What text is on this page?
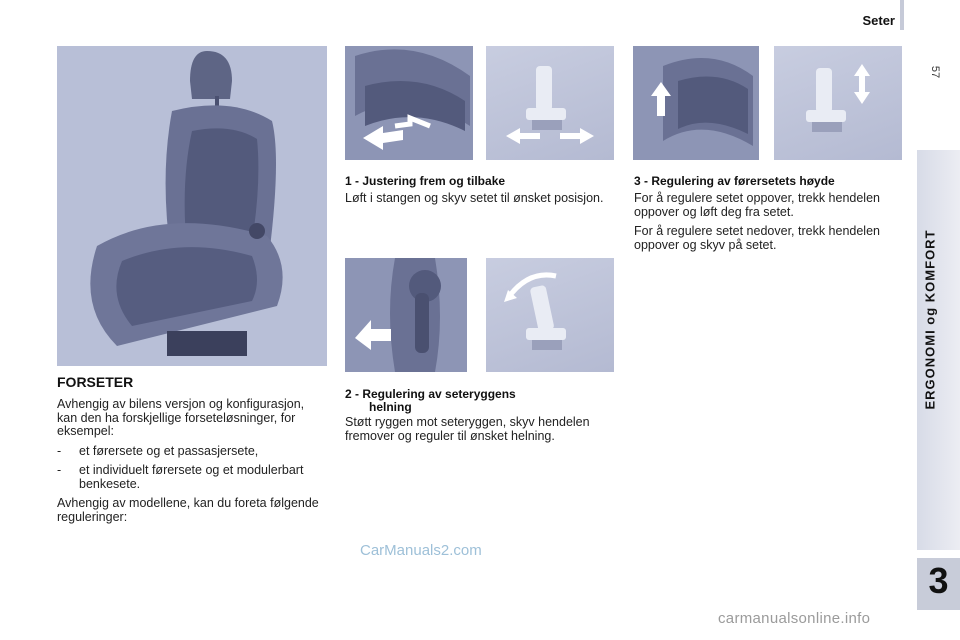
Seter
57
ERGONOMI og KOMFORT
3
FORSETER

Avhengig av bilens versjon og konfigurasjon, kan den ha forskjellige forseteløsninger, for eksempel:

-	et førersete og et passasjersete,
-	et individuelt førersete og et modulerbart benkesete.

Avhengig av modellene, kan du foreta følgende reguleringer:

1 - Justering frem og tilbake
Løft i stangen og skyv setet til ønsket posisjon.
2 - Regulering av seteryggens
helning
Støtt ryggen mot seteryggen, skyv hendelen fremover og reguler til ønsket helning.
3 - Regulering av førersetets høyde

For å regulere setet oppover, trekk hendelen oppover og løft deg fra setet.

For å regulere setet nedover, trekk hendelen oppover og skyv på setet.

CarManuals2.com
carmanualsonline.info
